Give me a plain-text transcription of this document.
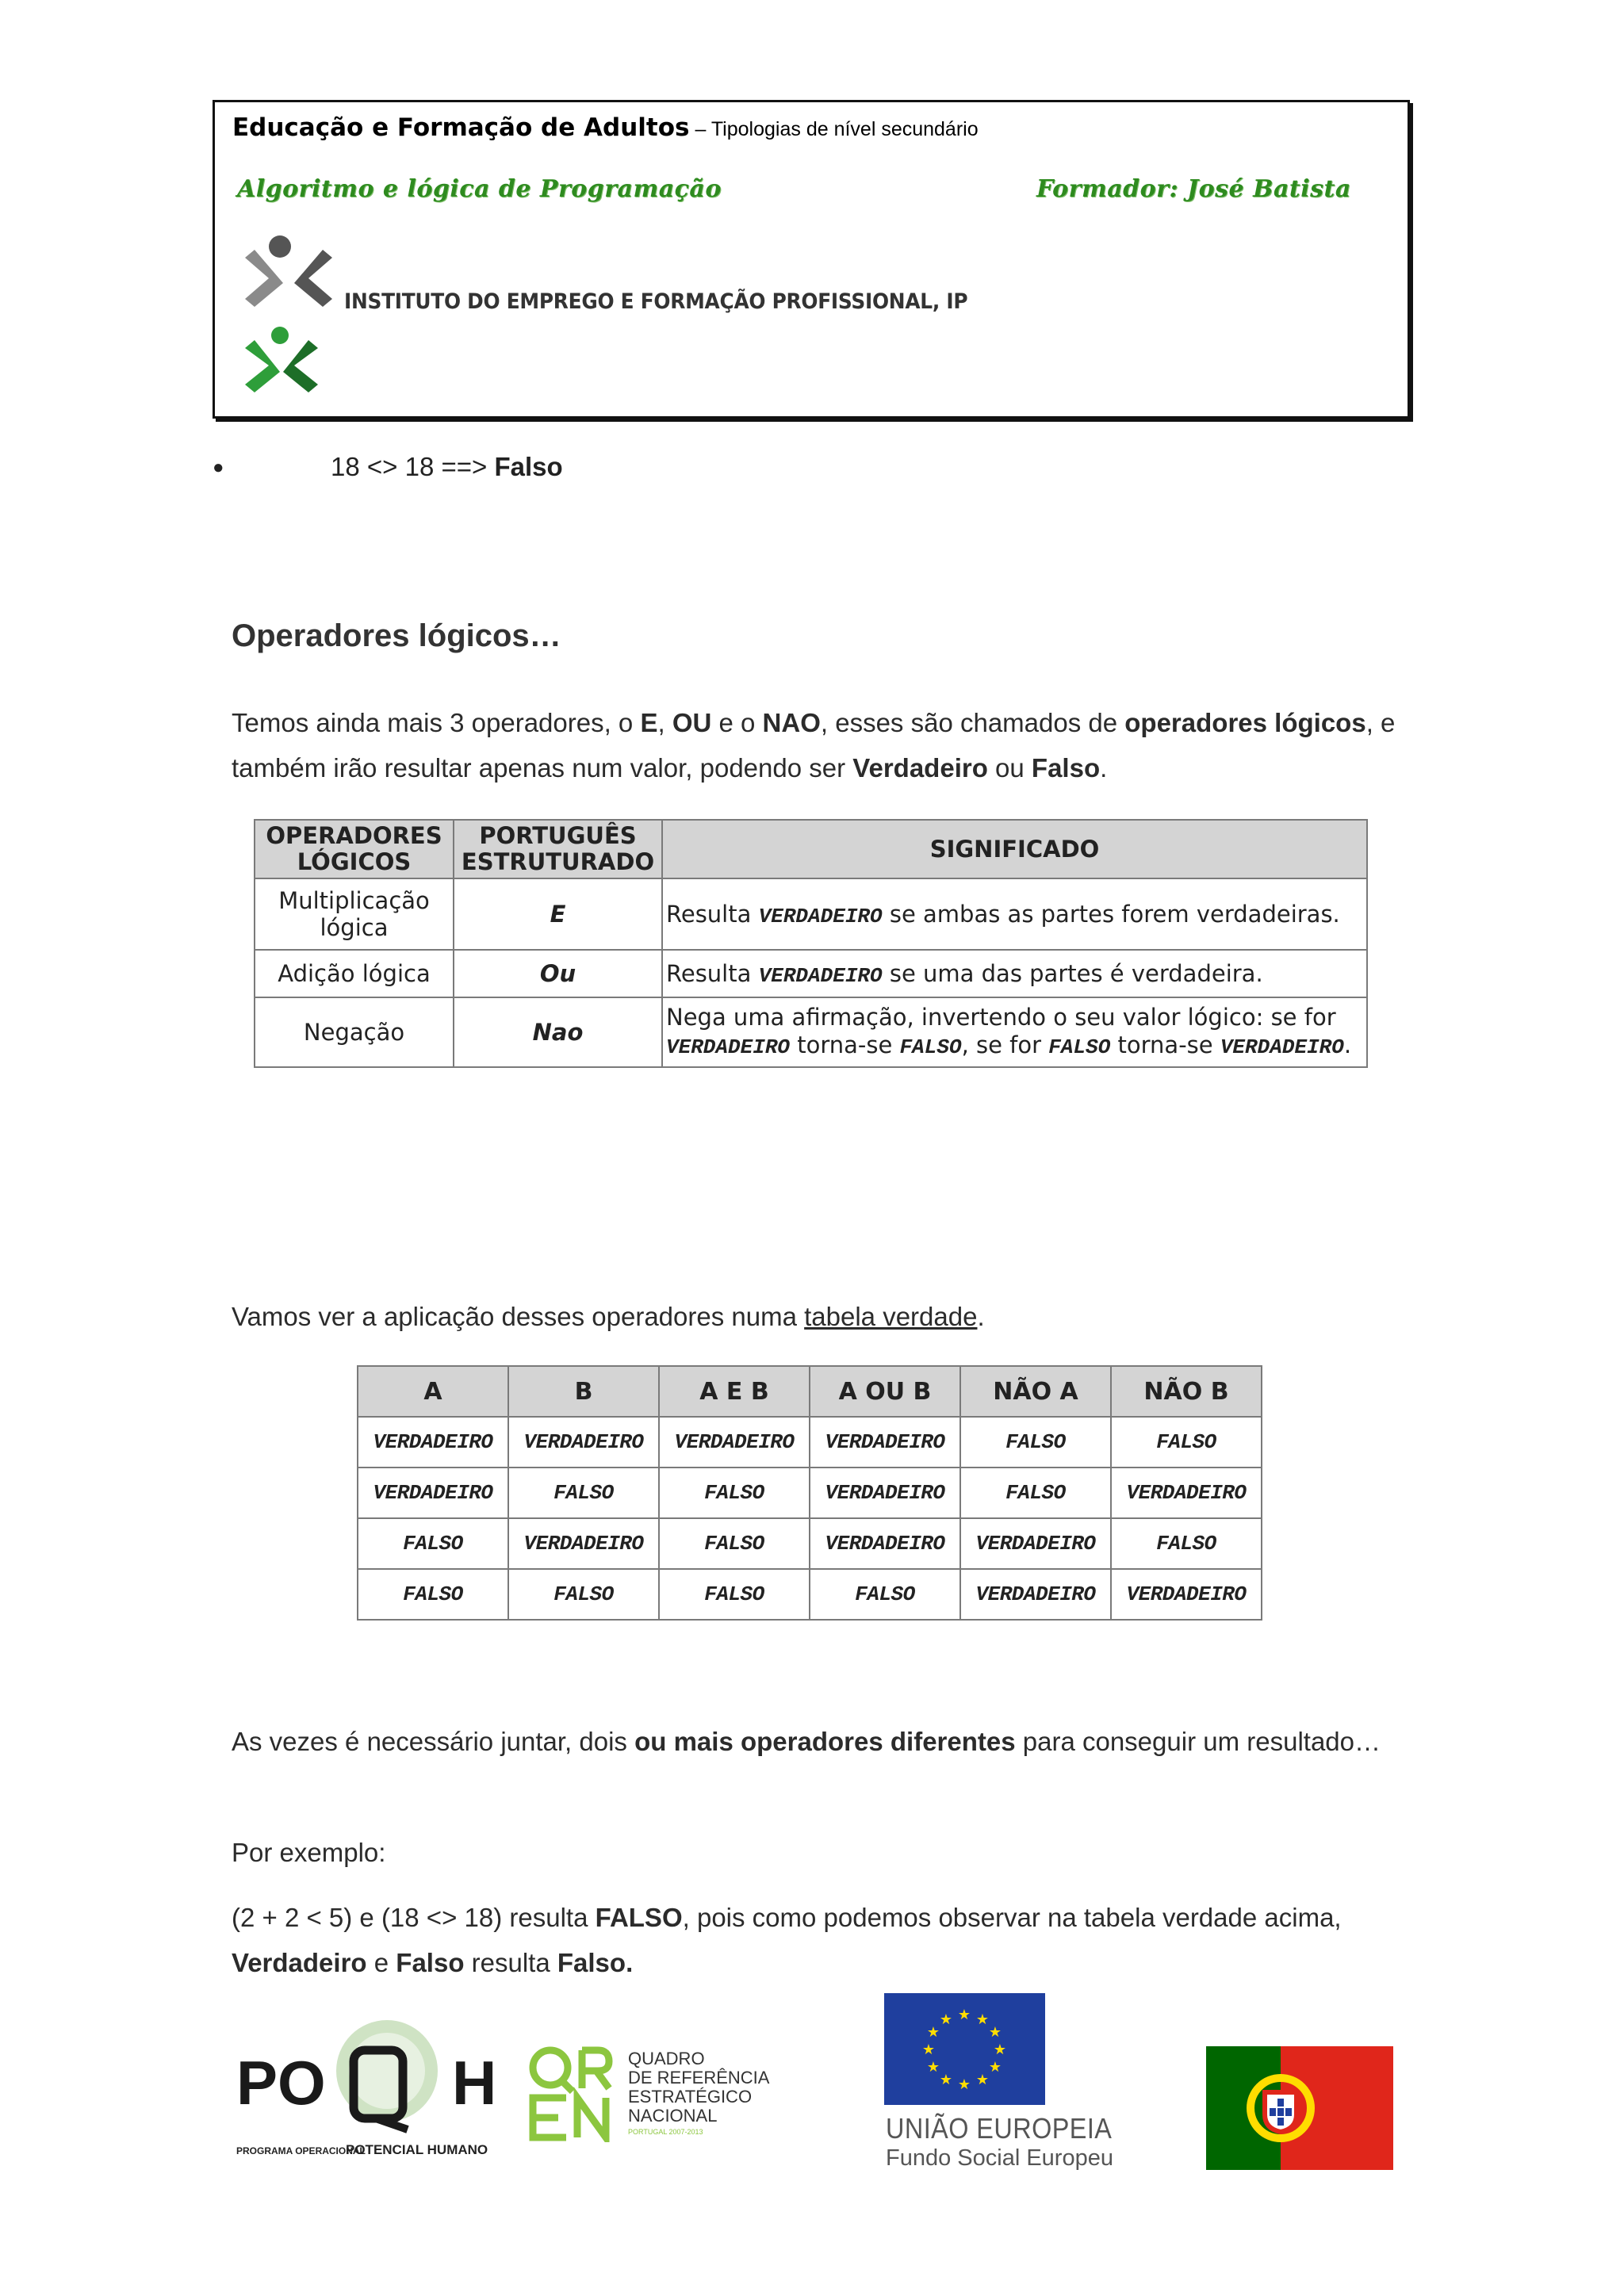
Educação e Formação de Adultos – Tipologias de nível secundário
Algoritmo e lógica de Programação	Formador: José Batista
INSTITUTO DO EMPREGO E FORMAÇÃO PROFISSIONAL, IP
●	18 <> 18 ==> Falso
Operadores lógicos…
Temos ainda mais 3 operadores, o E, OU e o NAO, esses são chamados de operadores lógicos, e também irão resultar apenas num valor, podendo ser Verdadeiro ou Falso.
OPERADORES LÓGICOS	PORTUGUÊS ESTRUTURADO	SIGNIFICADO
Multiplicação lógica	E	Resulta VERDADEIRO se ambas as partes forem verdadeiras.
Adição lógica	Ou	Resulta VERDADEIRO se uma das partes é verdadeira.
Negação	Nao	Nega uma afirmação, invertendo o seu valor lógico: se for
VERDADEIRO torna-se FALSO, se for FALSO torna-se VERDADEIRO.
Vamos ver a aplicação desses operadores numa tabela verdade.
A	B	A E B	A OU B	NÃO A	NÃO B
VERDADEIRO	VERDADEIRO	VERDADEIRO	VERDADEIRO	FALSO	FALSO
VERDADEIRO	FALSO	FALSO	VERDADEIRO	FALSO	VERDADEIRO
FALSO	VERDADEIRO	FALSO	VERDADEIRO	VERDADEIRO	FALSO
FALSO	FALSO	FALSO	FALSO	VERDADEIRO	VERDADEIRO
As vezes é necessário juntar, dois ou mais operadores diferentes para conseguir um resultado…
Por exemplo:
(2 + 2 < 5) e (18 <> 18) resulta FALSO, pois como podemos observar na tabela verdade acima, Verdadeiro e Falso resulta Falso.
PO H
PROGRAMA OPERACIONAL
POTENCIAL HUMANO
QUADRO
DE REFERÊNCIA
ESTRATÉGICO
NACIONAL
PORTUGAL 2007-2013
★ ★
★
★
★
★
★
★
★
★
★
★
UNIÃO EUROPEIA
Fundo Social Europeu
